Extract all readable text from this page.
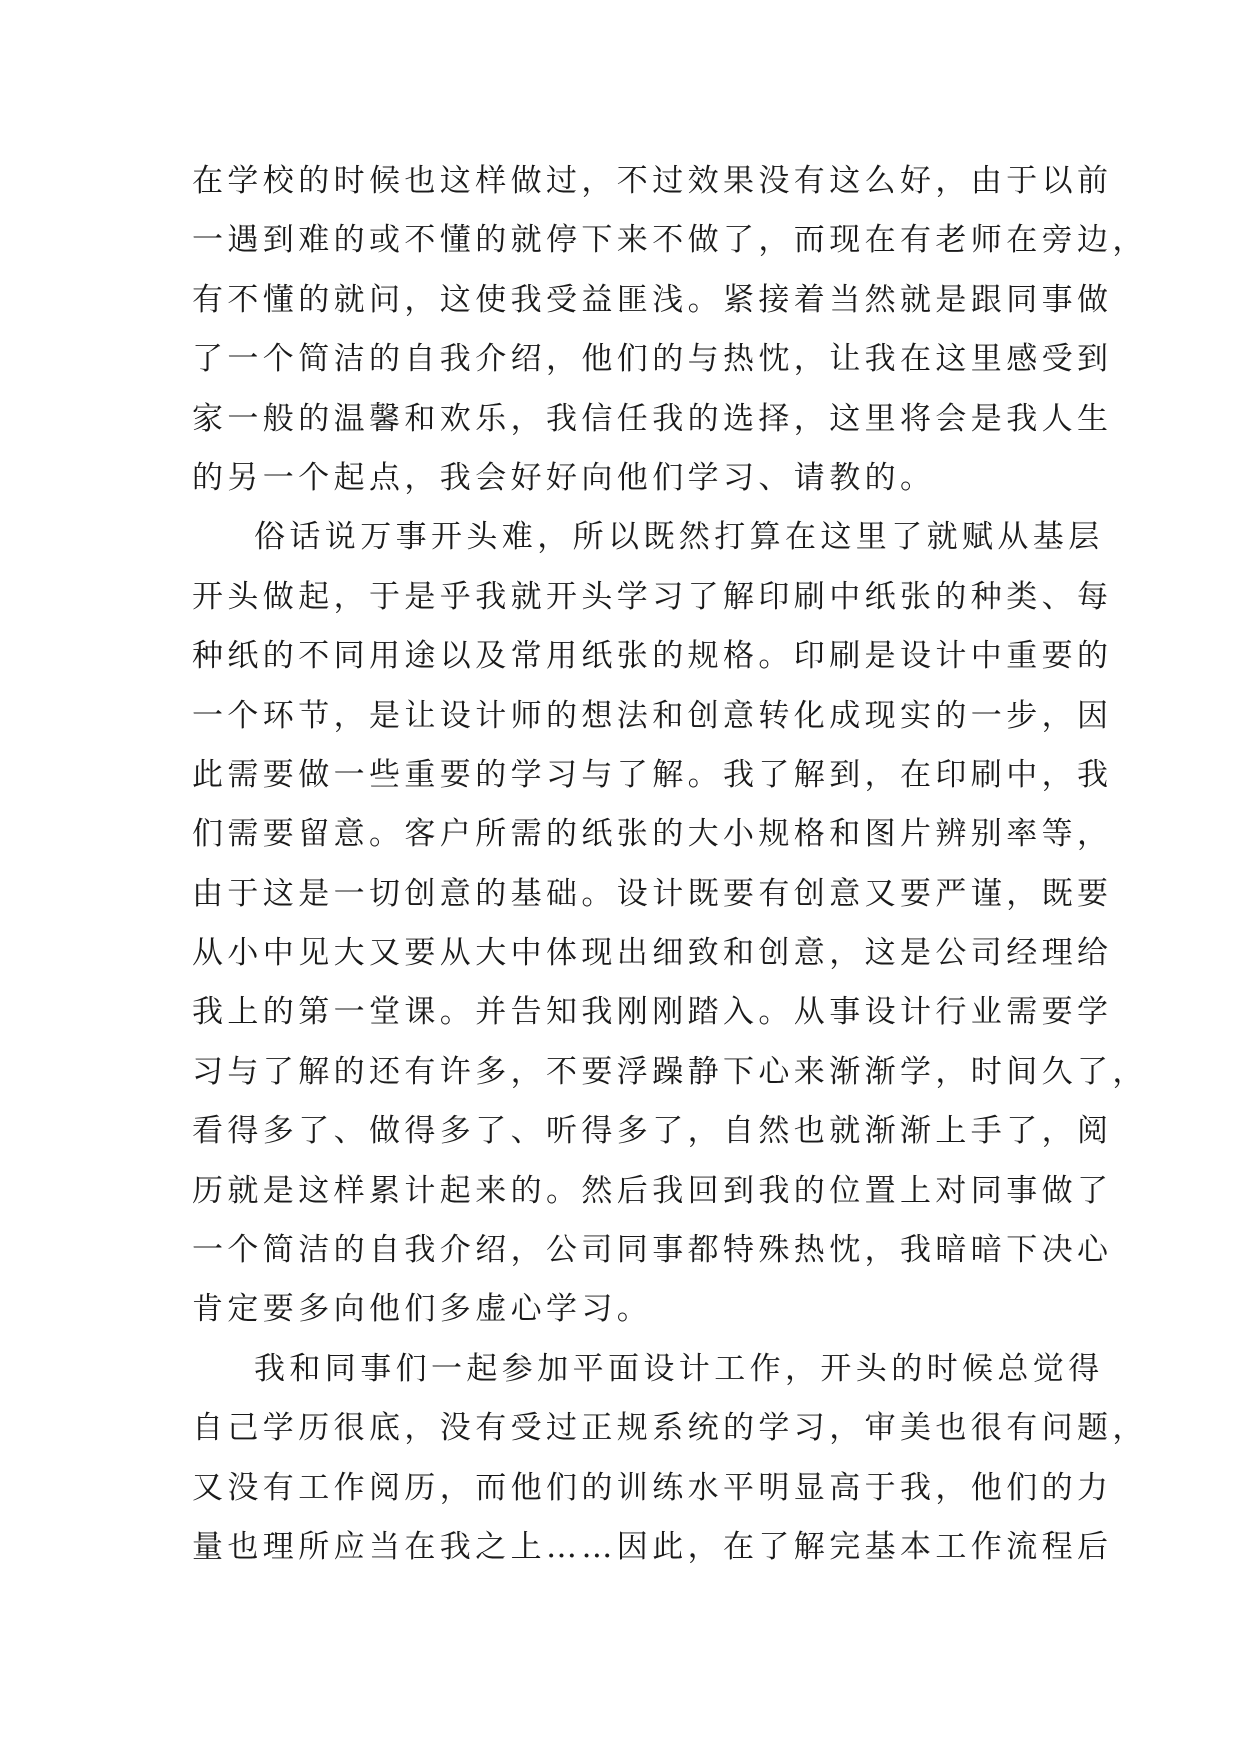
在学校的时候也这样做过，不过效果没有这么好，由于以前
一遇到难的或不懂的就停下来不做了，而现在有老师在旁边，
有不懂的就问，这使我受益匪浅。紧接着当然就是跟同事做
了一个简洁的自我介绍，他们的与热忱，让我在这里感受到
家一般的温馨和欢乐，我信任我的选择，这里将会是我人生
的另一个起点，我会好好向他们学习、请教的。
俗话说万事开头难，所以既然打算在这里了就赋从基层
开头做起，于是乎我就开头学习了解印刷中纸张的种类、每
种纸的不同用途以及常用纸张的规格。印刷是设计中重要的
一个环节，是让设计师的想法和创意转化成现实的一步，因
此需要做一些重要的学习与了解。我了解到，在印刷中，我
们需要留意。客户所需的纸张的大小规格和图片辨别率等，
由于这是一切创意的基础。设计既要有创意又要严谨，既要
从小中见大又要从大中体现出细致和创意，这是公司经理给
我上的第一堂课。并告知我刚刚踏入。从事设计行业需要学
习与了解的还有许多，不要浮躁静下心来渐渐学，时间久了，
看得多了、做得多了、听得多了，自然也就渐渐上手了，阅
历就是这样累计起来的。然后我回到我的位置上对同事做了
一个简洁的自我介绍，公司同事都特殊热忱，我暗暗下决心
肯定要多向他们多虚心学习。
我和同事们一起参加平面设计工作，开头的时候总觉得
自己学历很底，没有受过正规系统的学习，审美也很有问题，
又没有工作阅历，而他们的训练水平明显高于我，他们的力
量也理所应当在我之上……因此，在了解完基本工作流程后
